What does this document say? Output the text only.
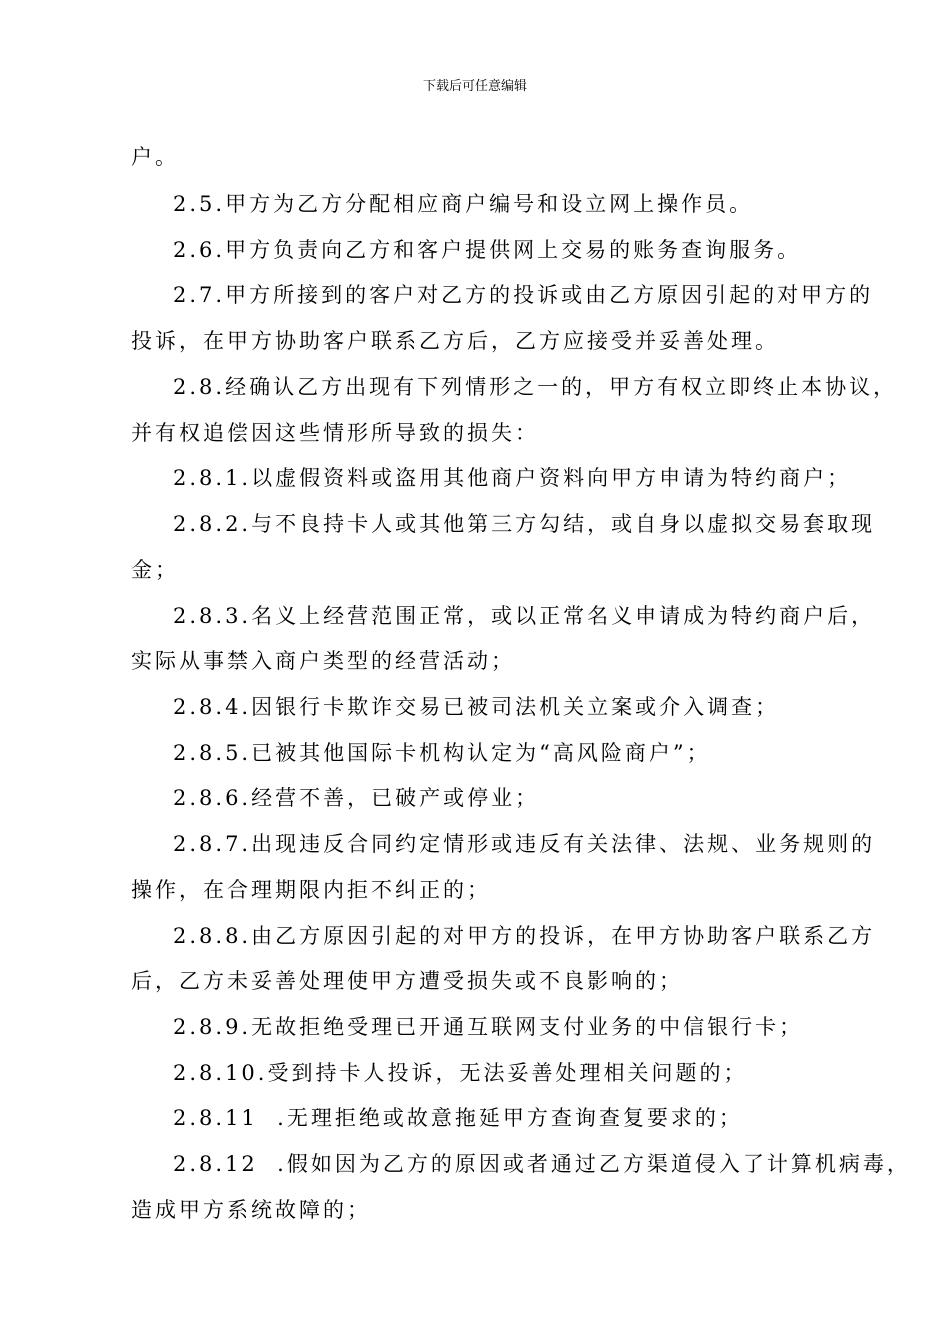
下载后可任意编辑
户。
2.5.甲方为乙方分配相应商户编号和设立网上操作员。
2.6.甲方负责向乙方和客户提供网上交易的账务查询服务。
2.7.甲方所接到的客户对乙方的投诉或由乙方原因引起的对甲方的
投诉，在甲方协助客户联系乙方后，乙方应接受并妥善处理。
2.8.经确认乙方出现有下列情形之一的，甲方有权立即终止本协议，
并有权追偿因这些情形所导致的损失：
2.8.1.以虚假资料或盗用其他商户资料向甲方申请为特约商户；
2.8.2.与不良持卡人或其他第三方勾结，或自身以虚拟交易套取现
金；
2.8.3.名义上经营范围正常，或以正常名义申请成为特约商户后，
实际从事禁入商户类型的经营活动；
2.8.4.因银行卡欺诈交易已被司法机关立案或介入调查；
2.8.5.已被其他国际卡机构认定为“高风险商户”；
2.8.6.经营不善，已破产或停业；
2.8.7.出现违反合同约定情形或违反有关法律、法规、业务规则的
操作，在合理期限内拒不纠正的；
2.8.8.由乙方原因引起的对甲方的投诉，在甲方协助客户联系乙方
后，乙方未妥善处理使甲方遭受损失或不良影响的；
2.8.9.无故拒绝受理已开通互联网支付业务的中信银行卡；
2.8.10.受到持卡人投诉，无法妥善处理相关问题的；
2.8.11  .无理拒绝或故意拖延甲方查询查复要求的；
2.8.12  .假如因为乙方的原因或者通过乙方渠道侵入了计算机病毒，
造成甲方系统故障的；
